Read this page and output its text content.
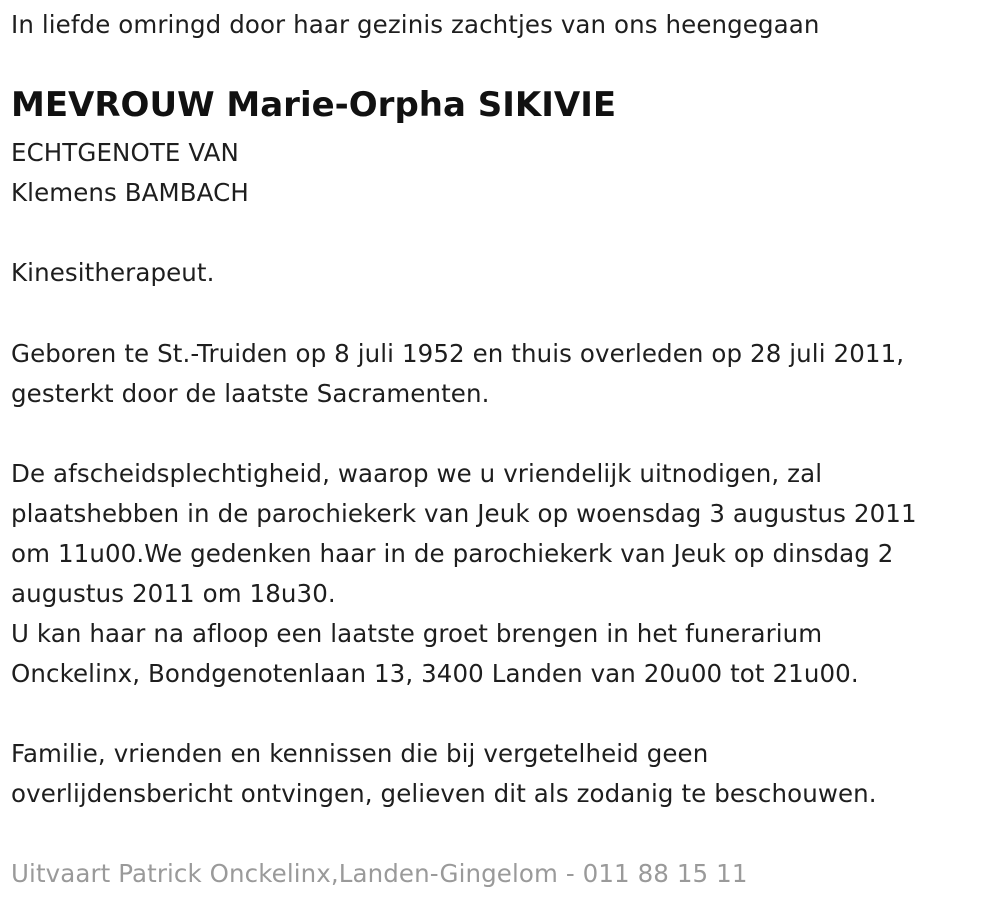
In liefde omringd door haar gezinis zachtjes van ons heengegaan
MEVROUW Marie-Orpha SIKIVIE
ECHTGENOTE VAN
Klemens BAMBACH
Kinesitherapeut.
Geboren te St.-Truiden op 8 juli 1952 en thuis overleden op 28 juli 2011,
gesterkt door de laatste Sacramenten.
De afscheidsplechtigheid, waarop we u vriendelijk uitnodigen, zal
plaatshebben in de parochiekerk van Jeuk op woensdag 3 augustus 2011
om 11u00.We gedenken haar in de parochiekerk van Jeuk op dinsdag 2
augustus 2011 om 18u30.
U kan haar na afloop een laatste groet brengen in het funerarium
Onckelinx, Bondgenotenlaan 13, 3400 Landen van 20u00 tot 21u00.
Familie, vrienden en kennissen die bij vergetelheid geen
overlijdensbericht ontvingen, gelieven dit als zodanig te beschouwen.
Uitvaart Patrick Onckelinx,Landen-Gingelom - 011 88 15 11
